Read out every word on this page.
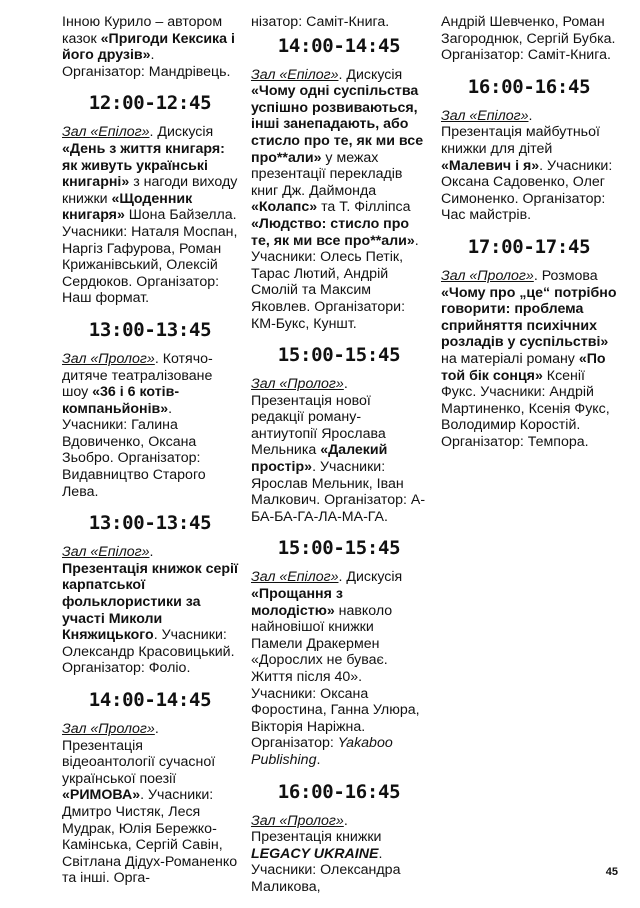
Інною Курило – автором казок «Пригоди Кексика і його друзів». Організатор: Мандрівець.

12:00-12:45

Зал «Епілог». Дискусія «День з життя книгаря: як живуть українські книгарні» з нагоди виходу книжки «Щоденник книгаря» Шона Байзелла. Учасники: Наталя Моспан, Наргіз Гафурова, Роман Крижанівський, Олексій Сердюков. Організатор: Наш формат.

13:00-13:45

Зал «Пролог». Котячодитяче театралізоване шоу «36 і 6 котів-компаньйонів». Учасники: Галина Вдовиченко, Оксана Зьобро. Організатор: Видавництво Старого Лева.

13:00-13:45

Зал «Епілог». Презентація книжок серії карпатської фольклористики за участі Миколи Княжицького. Учасники: Олександр Красовицький. Організатор: Фоліо.

14:00-14:45

Зал «Пролог». Презентація відеоантології сучасної української поезії «РИМОВА». Учасники: Дмитро Чистяк, Леся Мудрак, Юлія Бережко-Камінська, Сергій Савін, Світлана Дідух-Романенко та інші. Орга-

нізатор: Саміт-Книга.

14:00-14:45

Зал «Епілог». Дискусія «Чому одні суспільства успішно розвиваються, інші занепадають, або стисло про те, як ми все про**али» у межах презентації перекладів книг Дж. Даймонда «Колапс» та Т. Філліпса «Людство: стисло про те, як ми все про**али». Учасники: Олесь Петік, Тарас Лютий, Андрій Смолій та Максим Яковлев. Організатори: КМ-Букс, Куншт.

15:00-15:45

Зал «Пролог». Презентація нової редакції роману-антиутопії Ярослава Мельника «Далекий простір». Учасники: Ярослав Мельник, Іван Малкович. Організатор: А-БА-БА-ГА-ЛА-МА-ГА.

15:00-15:45

Зал «Епілог». Дискусія «Прощання з молодістю» навколо найновішої книжки Памели Дракермен «Дорослих не буває. Життя після 40». Учасники: Оксана Форостина, Ганна Улюра, Вікторія Наріжна. Організатор: Yakaboo Publishing.

16:00-16:45

Зал «Пролог». Презентація книжки LEGACY UKRAINE. Учасники: Олександра Маликова,

Андрій Шевченко, Роман Загороднюк, Сергій Бубка. Організатор: Саміт-Книга.

16:00-16:45

Зал «Епілог». Презентація майбутньої книжки для дітей «Малевич і я». Учасники: Оксана Садовенко, Олег Симоненко. Організатор: Час майстрів.

17:00-17:45

Зал «Пролог». Розмова «Чому про „це“ потрібно говорити: проблема сприйняття психічних розладів у суспільстві» на матеріалі роману «По той бік сонця» Ксенії Фукс. Учасники: Андрій Мартиненко, Ксенія Фукс, Володимир Коростій. Організатор: Темпора.

45
